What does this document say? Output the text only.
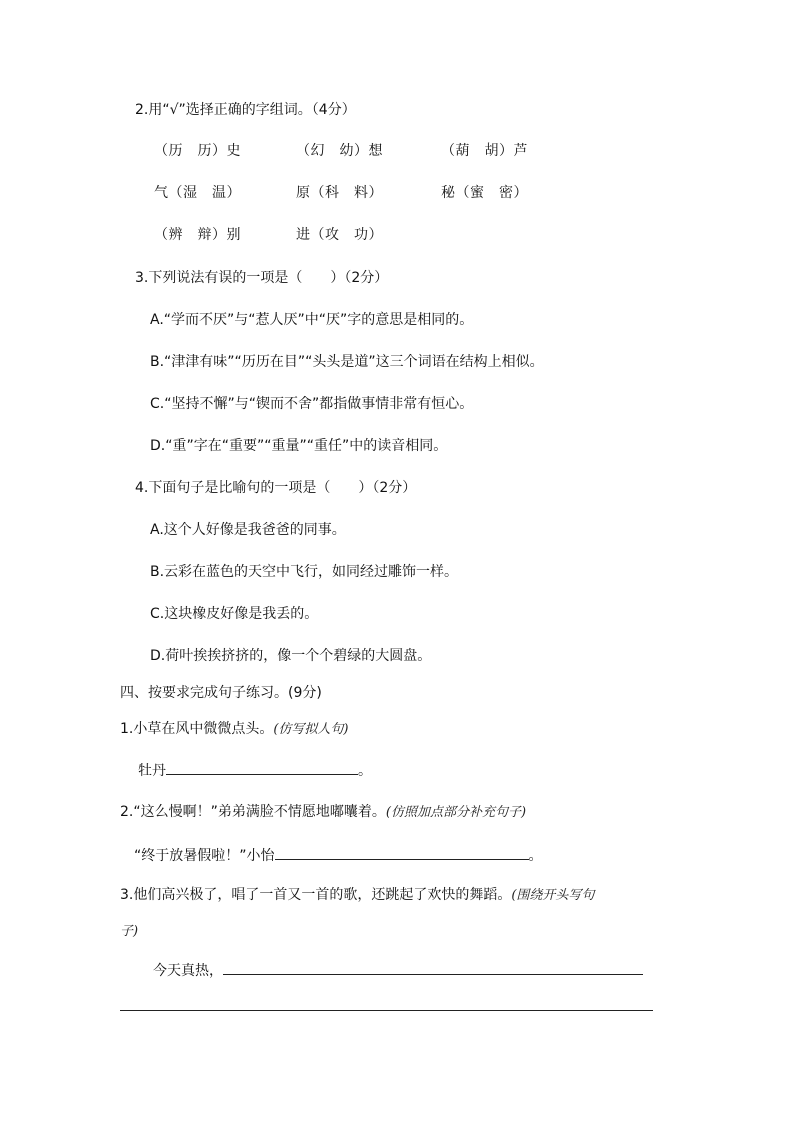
2.用“√”选择正确的字组词。（4分）
（历　历）史	（幻　幼）想	（葫　胡）芦
气（湿　温）	原（科　料）	秘（蜜　密）
（辨　辩）别	进（攻　功）
3.下列说法有误的一项是（　　）（2分）
A.“学而不厌”与“惹人厌”中“厌”字的意思是相同的。
B.“津津有味”“历历在目”“头头是道”这三个词语在结构上相似。
C.“坚持不懈”与“锲而不舍”都指做事情非常有恒心。
D.“重”字在“重要”“重量”“重任”中的读音相同。
4.下面句子是比喻句的一项是（　　）（2分）
A.这个人好像是我爸爸的同事。
B.云彩在蓝色的天空中飞行，如同经过雕饰一样。
C.这块橡皮好像是我丢的。
D.荷叶挨挨挤挤的，像一个个碧绿的大圆盘。
四、按要求完成句子练习。(9分)
1.小草在风中微微点头。(仿写拟人句)
牡丹	。
2.“这么慢啊！”弟弟满脸不情愿地嘟囔着。(仿照加点部分补充句子)
“终于放暑假啦！”小怡	。
3.他们高兴极了，唱了一首又一首的歌，还跳起了欢快的舞蹈。(围绕开头写句
子)
今天真热，
